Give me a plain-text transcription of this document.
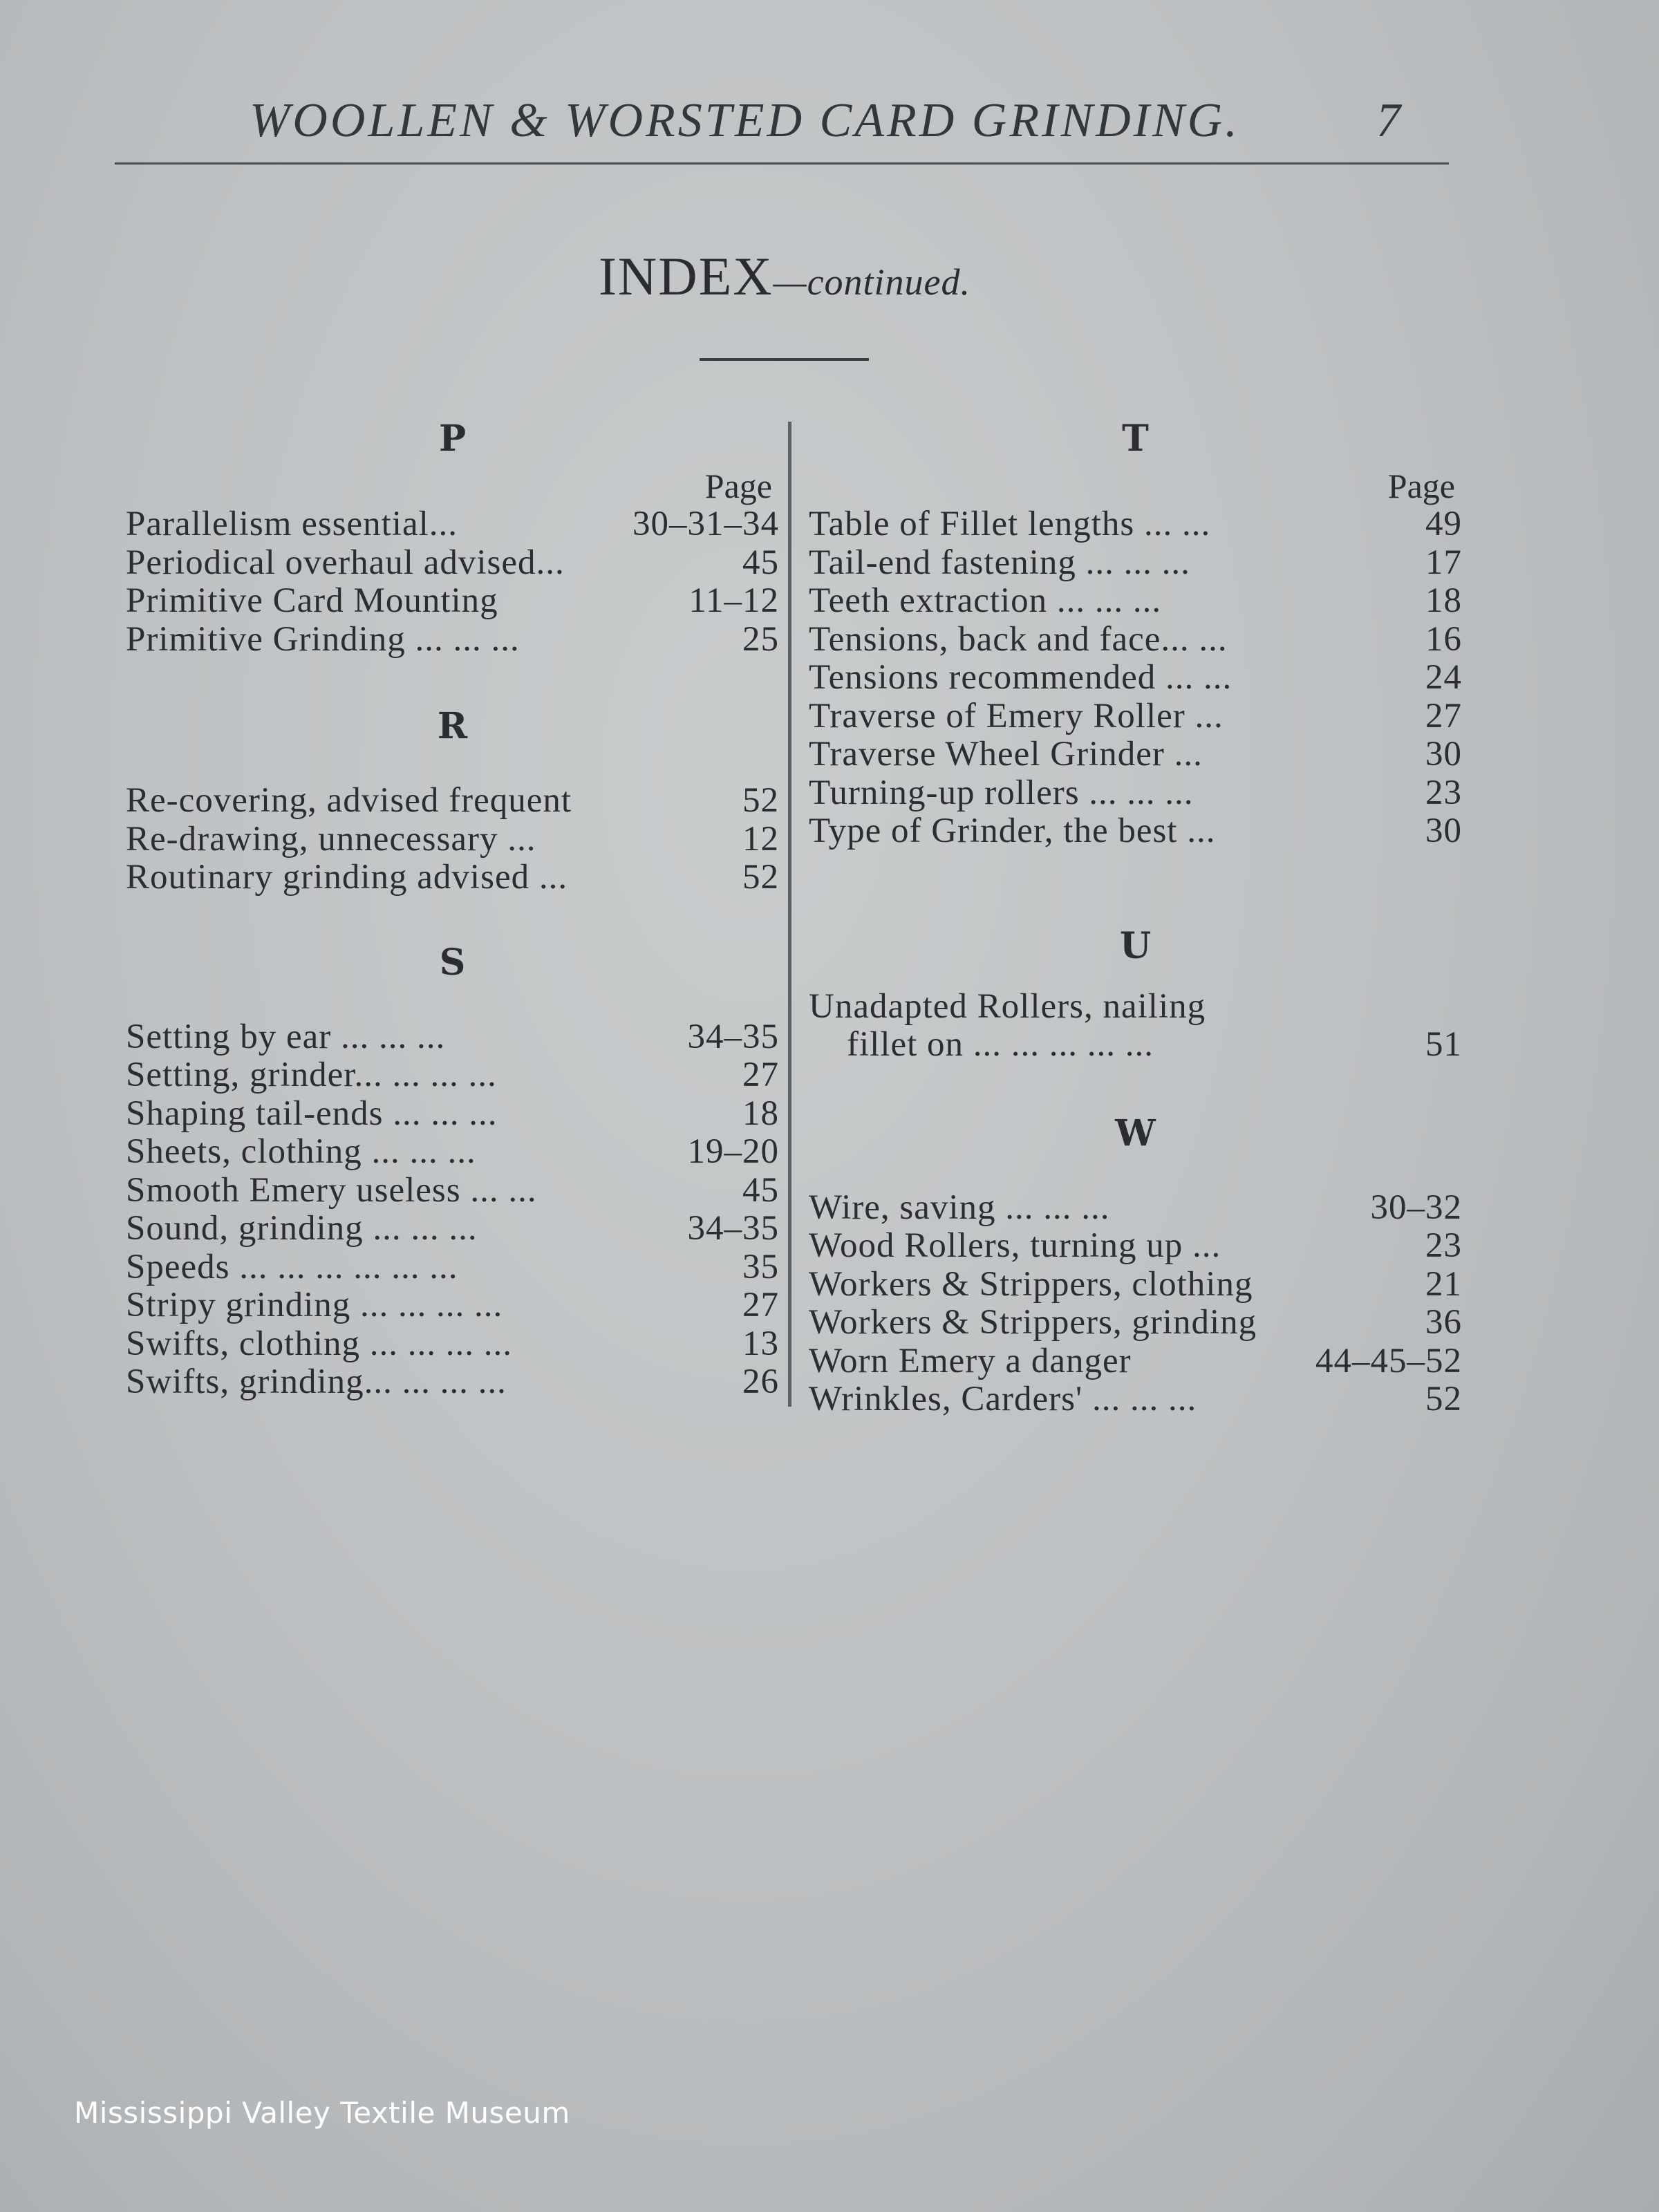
WOOLLEN & WORSTED CARD GRINDING.	7
INDEX—continued.
P
Page
Parallelism essential...	30–31–34
Periodical overhaul advised...	45
Primitive Card Mounting	11–12
Primitive Grinding ... ... ...	25
R
Re-covering, advised frequent	52
Re-drawing, unnecessary ...	12
Routinary grinding advised ...	52
S
Setting by ear ... ... ...	34–35
Setting, grinder... ... ... ...	27
Shaping tail-ends ... ... ...	18
Sheets, clothing ... ... ...	19–20
Smooth Emery useless ... ...	45
Sound, grinding ... ... ...	34–35
Speeds ... ... ... ... ... ...	35
Stripy grinding ... ... ... ...	27
Swifts, clothing ... ... ... ...	13
Swifts, grinding... ... ... ...	26
T
Page
Table of Fillet lengths ... ...	49
Tail-end fastening ... ... ...	17
Teeth extraction ... ... ...	18
Tensions, back and face... ...	16
Tensions recommended ... ...	24
Traverse of Emery Roller ...	27
Traverse Wheel Grinder ...	30
Turning-up rollers ... ... ...	23
Type of Grinder, the best ...	30
U
Unadapted Rollers, nailing
fillet on ... ... ... ... ...	51
W
Wire, saving ... ... ...	30–32
Wood Rollers, turning up ...	23
Workers & Strippers, clothing	21
Workers & Strippers, grinding	36
Worn Emery a danger	44–45–52
Wrinkles, Carders' ... ... ...	52
Mississippi Valley Textile Museum
